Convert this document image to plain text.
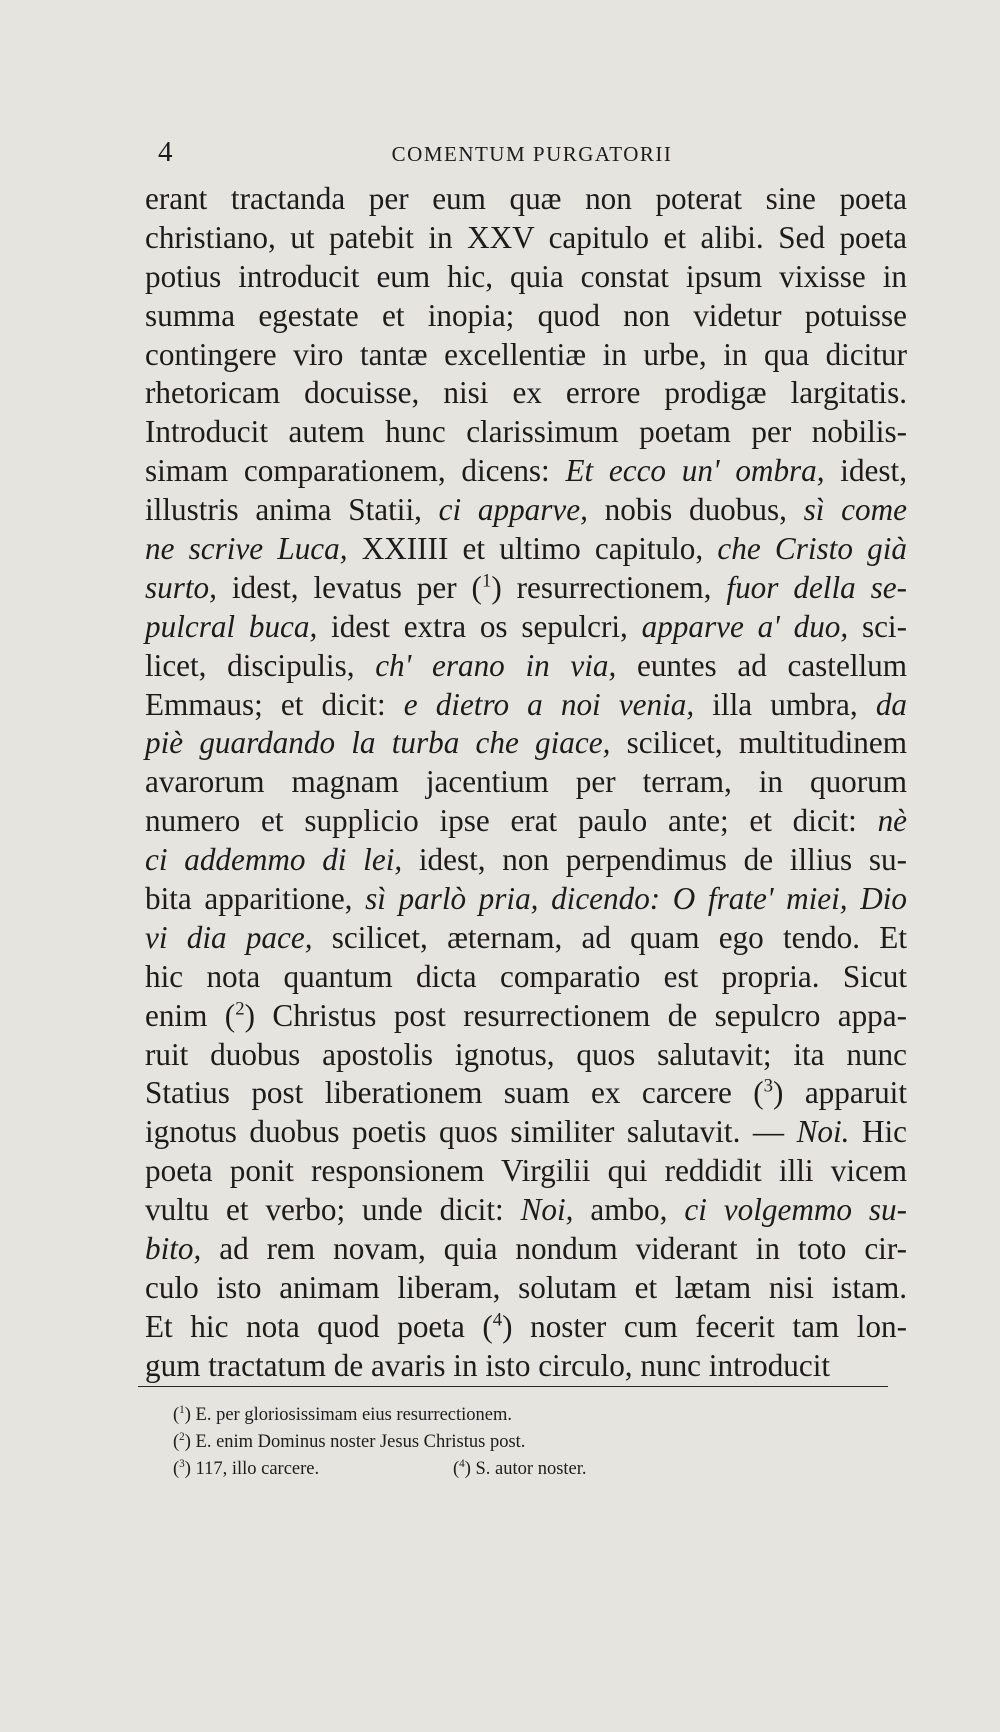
4	COMENTUM PURGATORII
erant tractanda per eum quæ non poterat sine poeta
christiano, ut patebit in XXV capitulo et alibi. Sed poeta
potius introducit eum hic, quia constat ipsum vixisse in
summa egestate et inopia; quod non videtur potuisse
contingere viro tantæ excellentiæ in urbe, in qua dicitur
rhetoricam docuisse, nisi ex errore prodigæ largitatis.
Introducit autem hunc clarissimum poetam per nobilis-
simam comparationem, dicens: Et ecco un' ombra, idest,
illustris anima Statii, ci apparve, nobis duobus, sì come
ne scrive Luca, XXIIII et ultimo capitulo, che Cristo già
surto, idest, levatus per ($^1$) resurrectionem, fuor della se-
pulcral buca, idest extra os sepulcri, apparve a' duo, sci-
licet, discipulis, ch' erano in via, euntes ad castellum
Emmaus; et dicit: e dietro a noi venia, illa umbra, da
piè guardando la turba che giace, scilicet, multitudinem
avarorum magnam jacentium per terram, in quorum
numero et supplicio ipse erat paulo ante; et dicit: nè
ci addemmo di lei, idest, non perpendimus de illius su-
bita apparitione, sì parlò pria, dicendo: O frate' miei, Dio
vi dia pace, scilicet, æternam, ad quam ego tendo. Et
hic nota quantum dicta comparatio est propria. Sicut
enim ($^2$) Christus post resurrectionem de sepulcro appa-
ruit duobus apostolis ignotus, quos salutavit; ita nunc
Statius post liberationem suam ex carcere ($^3$) apparuit
ignotus duobus poetis quos similiter salutavit. — Noi. Hic
poeta ponit responsionem Virgilii qui reddidit illi vicem
vultu et verbo; unde dicit: Noi, ambo, ci volgemmo su-
bito, ad rem novam, quia nondum viderant in toto cir-
culo isto animam liberam, solutam et lætam nisi istam.
Et hic nota quod poeta ($^4$) noster cum fecerit tam lon-
gum tractatum de avaris in isto circulo, nunc introducit
($^1$) E. per gloriosissimam eius resurrectionem.
($^2$) E. enim Dominus noster Jesus Christus post.
($^3$) 117, illo carcere.	($^4$) S. autor noster.
